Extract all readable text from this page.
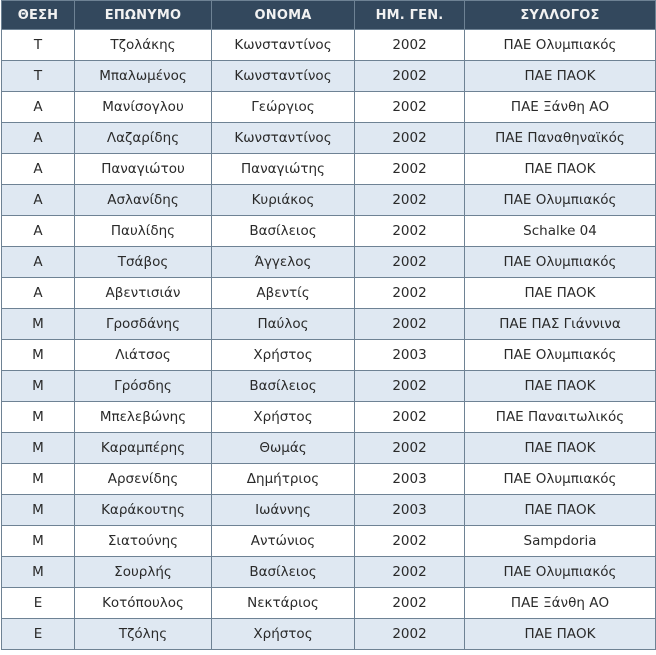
ΘΕΣΗ	ΕΠΩΝΥΜΟ	ΟΝΟΜΑ	ΗΜ. ΓΕΝ.	ΣΥΛΛΟΓΟΣ
T	Τζολάκης	Κωνσταντίνος	2002	ΠΑΕ Ολυμπιακός
T	Μπαλωμένος	Κωνσταντίνος	2002	ΠΑΕ ΠΑΟΚ
A	Μανίσογλου	Γεώργιος	2002	ΠΑΕ Ξάνθη ΑΟ
A	Λαζαρίδης	Κωνσταντίνος	2002	ΠΑΕ Παναθηναϊκός
A	Παναγιώτου	Παναγιώτης	2002	ΠΑΕ ΠΑΟΚ
A	Ασλανίδης	Κυριάκος	2002	ΠΑΕ Ολυμπιακός
A	Παυλίδης	Βασίλειος	2002	Schalke 04
A	Τσάβος	Άγγελος	2002	ΠΑΕ Ολυμπιακός
A	Αβεντισιάν	Αβεντίς	2002	ΠΑΕ ΠΑΟΚ
M	Γροσδάνης	Παύλος	2002	ΠΑΕ ΠΑΣ Γιάννινα
M	Λιάτσος	Χρήστος	2003	ΠΑΕ Ολυμπιακός
M	Γρόσδης	Βασίλειος	2002	ΠΑΕ ΠΑΟΚ
M	Μπελεβώνης	Χρήστος	2002	ΠΑΕ Παναιτωλικός
M	Καραμπέρης	Θωμάς	2002	ΠΑΕ ΠΑΟΚ
M	Αρσενίδης	Δημήτριος	2003	ΠΑΕ Ολυμπιακός
M	Καράκουτης	Ιωάννης	2003	ΠΑΕ ΠΑΟΚ
M	Σιατούνης	Αντώνιος	2002	Sampdoria
M	Σουρλής	Βασίλειος	2002	ΠΑΕ Ολυμπιακός
E	Κοτόπουλος	Νεκτάριος	2002	ΠΑΕ Ξάνθη ΑΟ
E	Τζόλης	Χρήστος	2002	ΠΑΕ ΠΑΟΚ
